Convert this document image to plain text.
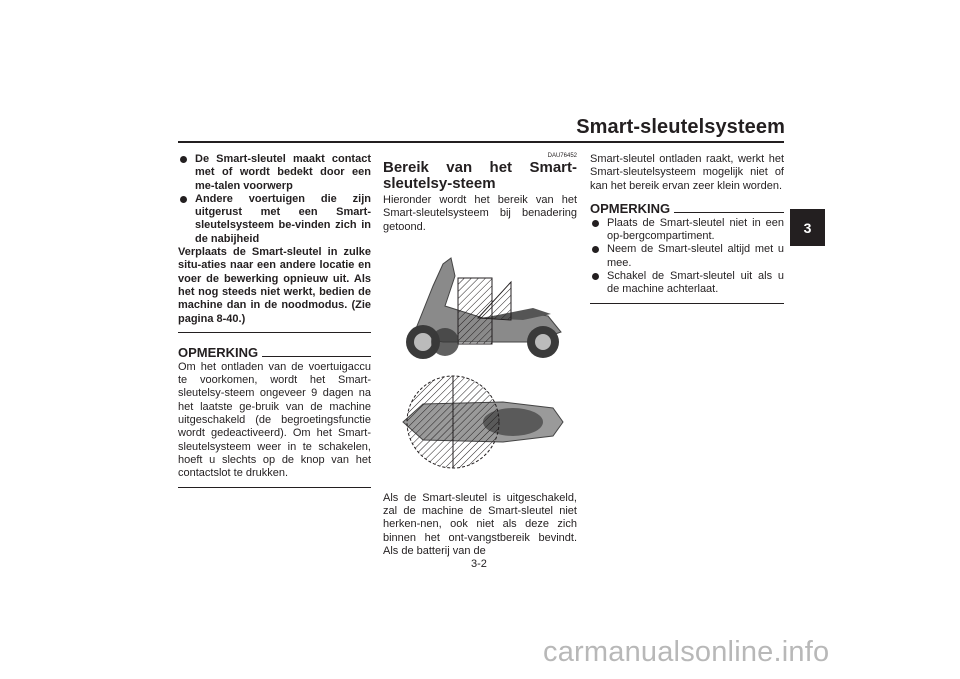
Smart-sleutelsysteem
3
De Smart-sleutel maakt contact met of wordt bedekt door een me-talen voorwerp
Andere voertuigen die zijn uitgerust met een Smart-sleutelsysteem be-vinden zich in de nabijheid
Verplaats de Smart-sleutel in zulke situ-aties naar een andere locatie en voer de bewerking opnieuw uit. Als het nog steeds niet werkt, bedien de machine dan in de noodmodus. (Zie pagina 8-40.)
OPMERKING
Om het ontladen van de voertuigaccu te voorkomen, wordt het Smart-sleutelsy-steem ongeveer 9 dagen na het laatste ge-bruik van de machine uitgeschakeld (de begroetingsfunctie wordt gedeactiveerd). Om het Smart-sleutelsysteem weer in te schakelen, hoeft u slechts op de knop van het contactslot te drukken.
DAU76452
Bereik van het Smart-sleutelsy-steem
Hieronder wordt het bereik van het Smart-sleutelsysteem bij benadering getoond.
Als de Smart-sleutel is uitgeschakeld, zal de machine de Smart-sleutel niet herken-nen, ook niet als deze zich binnen het ont-vangstbereik bevindt. Als de batterij van de
Smart-sleutel ontladen raakt, werkt het Smart-sleutelsysteem mogelijk niet of kan het bereik ervan zeer klein worden.
OPMERKING
Plaats de Smart-sleutel niet in een op-bergcompartiment.
Neem de Smart-sleutel altijd met u mee.
Schakel de Smart-sleutel uit als u de machine achterlaat.
3-2
carmanualsonline.info
